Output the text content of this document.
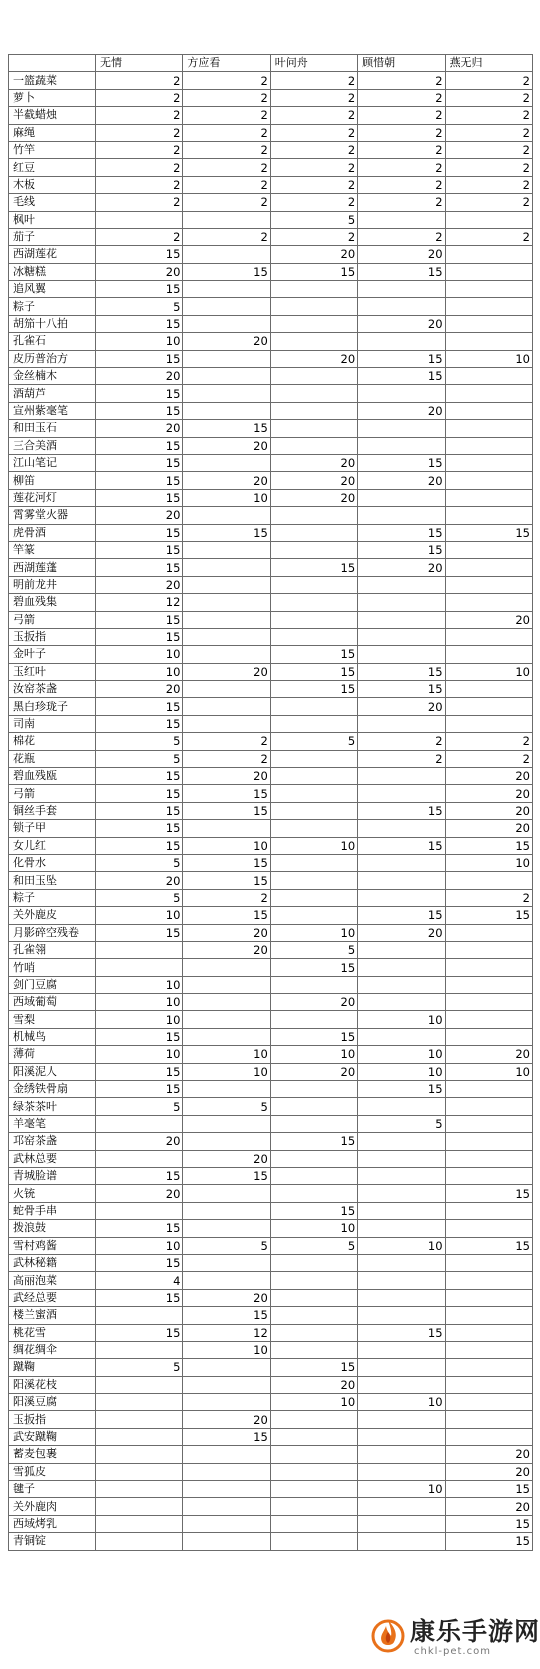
	无情	方应看	叶问舟	顾惜朝	燕无归
一篮蔬菜	2	2	2	2	2
萝卜	2	2	2	2	2
半截蜡烛	2	2	2	2	2
麻绳	2	2	2	2	2
竹竿	2	2	2	2	2
红豆	2	2	2	2	2
木板	2	2	2	2	2
毛线	2	2	2	2	2
枫叶			5		
茄子	2	2	2	2	2
西湖莲花	15		20	20	
冰糖糕	20	15	15	15	
追风翼	15				
粽子	5				
胡笳十八拍	15			20	
孔雀石	10	20			
皮历普治方	15		20	15	10
金丝楠木	20			15	
酒葫芦	15				
宣州紫毫笔	15			20	
和田玉石	20	15			
三合美酒	15	20			
江山笔记	15		20	15	
柳笛	15	20	20	20	
莲花河灯	15	10	20		
霄雾堂火器	20				
虎骨酒	15	15		15	15
竿篆	15			15	
西湖莲蓬	15		15	20	
明前龙井	20				
碧血残集	12				
弓箭	15				20
玉扳指	15				
金叶子	10		15		
玉红叶	10	20	15	15	10
汝窑茶盏	20		15	15	
黑白珍珑子	15			20	
司南	15				
棉花	5	2	5	2	2
花瓶	5	2		2	2
碧血残瓯	15	20			20
弓箭	15	15			20
铜丝手套	15	15		15	20
锁子甲	15				20
女儿红	15	10	10	15	15
化骨水	5	15			10
和田玉坠	20	15			
粽子	5	2			2
关外鹿皮	10	15		15	15
月影碎空残卷	15	20	10	20	
孔雀翎		20	5		
竹哨			15		
剑门豆腐	10				
西域葡萄	10		20		
雪梨	10			10	
机械鸟	15		15		
薄荷	10	10	10	10	20
阳溪泥人	15	10	20	10	10
金绣铁骨扇	15			15	
绿茶茶叶	5	5			
羊毫笔				5	
邛窑茶盏	20		15		
武林总要		20			
青城脸谱	15	15			
火铳	20				15
蛇骨手串			15		
拨浪鼓	15		10		
雪村鸡酱	10	5	5	10	15
武林秘籍	15				
高丽泡菜	4				
武经总要	15	20			
楼兰蜜酒		15			
桃花雪	15	12		15	
绸花绸伞		10			
蹴鞠	5		15		
阳溪花枝			20		
阳溪豆腐			10	10	
玉扳指		20			
武安蹴鞠		15			
蓄麦包裹					20
雪狐皮					20
毽子				10	15
关外鹿肉					20
西域烤乳					15
青铜锭					15
康乐手游网
chkl-pet.com
